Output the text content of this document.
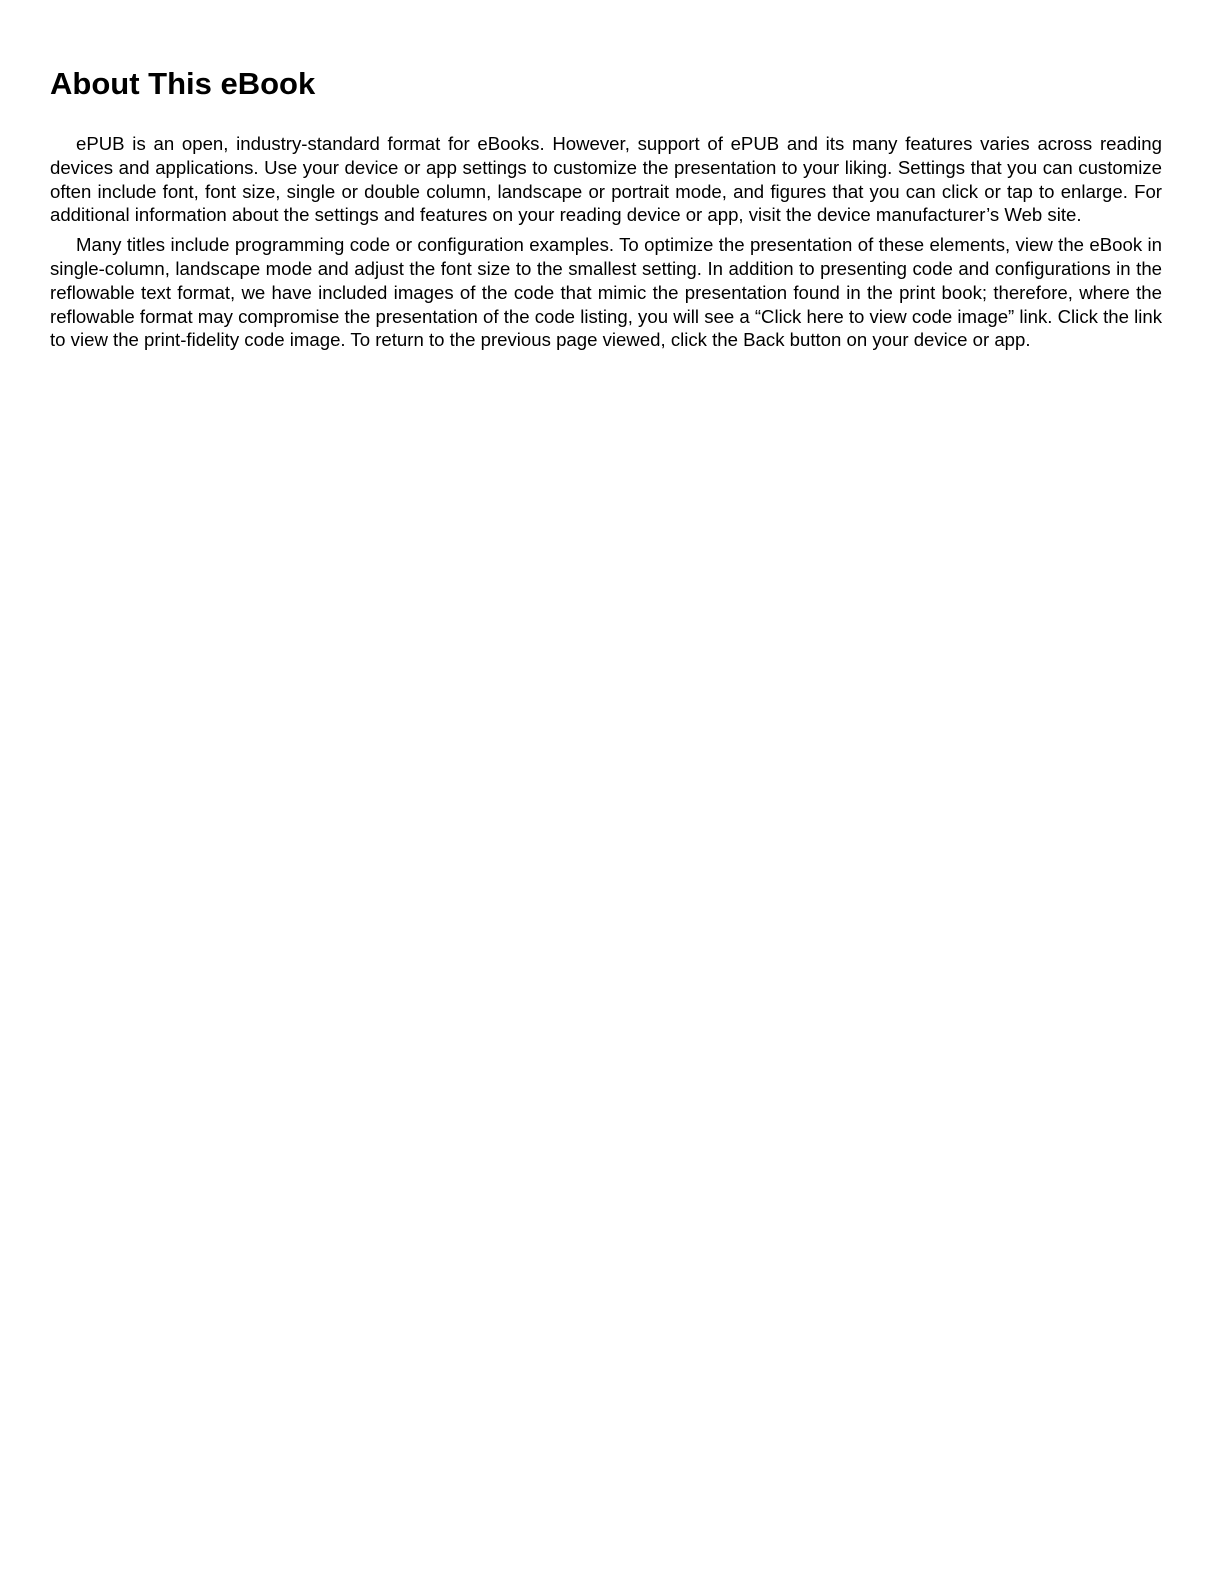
About This eBook

ePUB is an open, industry-standard format for eBooks. However, support of ePUB and its many features varies across reading devices and applications. Use your device or app settings to customize the presentation to your liking. Settings that you can customize often include font, font size, single or double column, landscape or portrait mode, and figures that you can click or tap to enlarge. For additional information about the settings and features on your reading device or app, visit the device manufacturer’s Web site.

Many titles include programming code or configuration examples. To optimize the presentation of these elements, view the eBook in single-column, landscape mode and adjust the font size to the smallest setting. In addition to presenting code and configurations in the reflowable text format, we have included images of the code that mimic the presentation found in the print book; therefore, where the reflowable format may compromise the presentation of the code listing, you will see a “Click here to view code image” link. Click the link to view the print-fidelity code image. To return to the previous page viewed, click the Back button on your device or app.
